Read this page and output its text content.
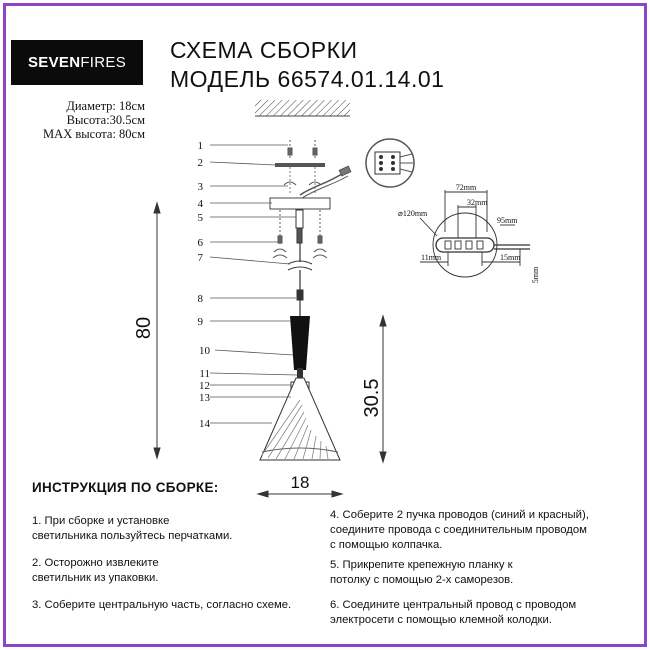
SEVEN FIRES СХЕМА СБОРКИ
МОДЕЛЬ 66574.01.14.01
Диаметр: 18см
Высота:30.5см
MAX высота: 80см
1
2
3
4
5
6
7
8
9
10
11
12
13
14
80
30.5
18
72mm
32mm
95mm
⌀120mm
11mm	15mm
5mm
ИНСТРУКЦИЯ ПО СБОРКЕ:
1. При сборке и установке
светильника пользуйтесь перчатками.
2. Осторожно извлеките
светильник из упаковки.
3. Соберите центральную часть, согласно схеме.
4. Соберите 2 пучка проводов (синий и красный),
соедините провода с соединительным проводом
с помощью колпачка.
5. Прикрепите крепежную планку к
потолку с помощью 2-х саморезов.
6. Соедините центральный провод с проводом
электросети с помощью клемной колодки.
